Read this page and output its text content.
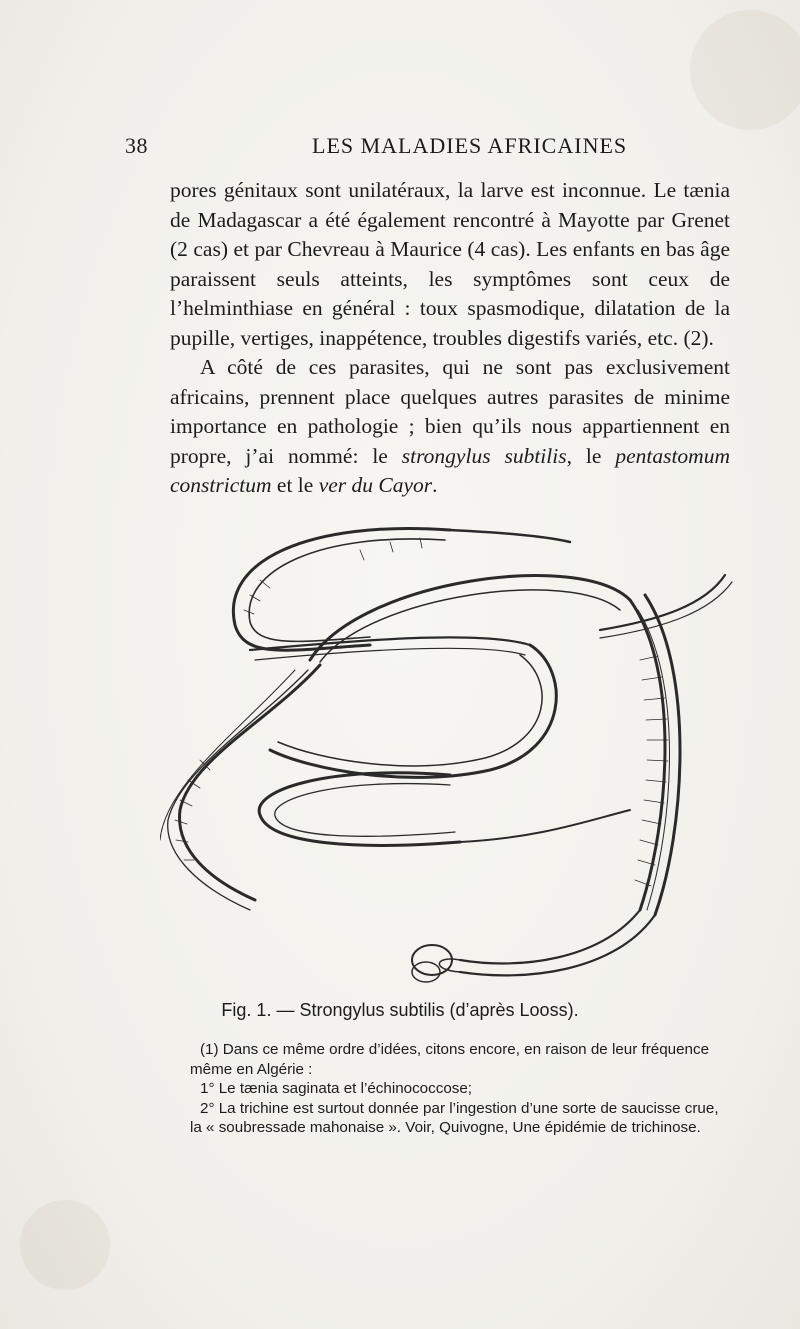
38	LES MALADIES AFRICAINES

pores génitaux sont unilatéraux, la larve est inconnue. Le tænia de Madagascar a été également rencontré à Mayotte par Grenet (2 cas) et par Chevreau à Maurice (4 cas). Les enfants en bas âge paraissent seuls atteints, les symptômes sont ceux de l’helminthiase en général : toux spasmodique, dilatation de la pupille, vertiges, inappétence, troubles digestifs variés, etc. (2).

A côté de ces parasites, qui ne sont pas exclusivement africains, prennent place quelques autres parasites de minime importance en pathologie ; bien qu’ils nous appartiennent en propre, j’ai nommé: le strongylus subtilis, le pentastomum constrictum et le ver du Cayor.

Fig. 1. — Strongylus subtilis (d’après Looss).

(1) Dans ce même ordre d’idées, citons encore, en raison de leur fréquence même en Algérie :

1° Le tænia saginata et l’échinococcose;

2° La trichine est surtout donnée par l’ingestion d’une sorte de saucisse crue, la « soubressade mahonaise ». Voir, Quivogne, Une épidémie de trichinose.
